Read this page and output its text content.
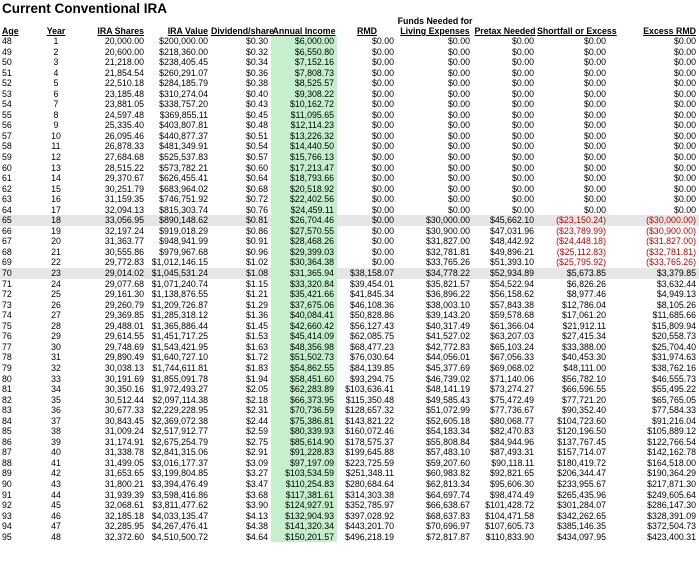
Current Conventional IRA
Age	Year	IRA Shares	IRA Value	Dividend/share	Annual Income	RMD	Funds Needed for
Living Expenses	Pretax Needed	Shortfall or Excess	Excess RMD
48	1	20,000.00	$200,000.00	$0.30	$6,000.00	$0.00	$0.00	$0.00	$0.00	$0.00
49	2	20,600.00	$218,360.00	$0.32	$6,550.80	$0.00	$0.00	$0.00	$0.00	$0.00
50	3	21,218.00	$238,405.45	$0.34	$7,152.16	$0.00	$0.00	$0.00	$0.00	$0.00
51	4	21,854.54	$260,291.07	$0.36	$7,808.73	$0.00	$0.00	$0.00	$0.00	$0.00
52	5	22,510.18	$284,185.79	$0.38	$8,525.57	$0.00	$0.00	$0.00	$0.00	$0.00
53	6	23,185.48	$310,274.04	$0.40	$9,308.22	$0.00	$0.00	$0.00	$0.00	$0.00
54	7	23,881.05	$338,757.20	$0.43	$10,162.72	$0.00	$0.00	$0.00	$0.00	$0.00
55	8	24,597.48	$369,855.11	$0.45	$11,095.65	$0.00	$0.00	$0.00	$0.00	$0.00
56	9	25,335.40	$403,807.81	$0.48	$12,114.23	$0.00	$0.00	$0.00	$0.00	$0.00
57	10	26,095.46	$440,877.37	$0.51	$13,226.32	$0.00	$0.00	$0.00	$0.00	$0.00
58	11	26,878.33	$481,349.91	$0.54	$14,440.50	$0.00	$0.00	$0.00	$0.00	$0.00
59	12	27,684.68	$525,537.83	$0.57	$15,766.13	$0.00	$0.00	$0.00	$0.00	$0.00
60	13	28,515.22	$573,782.21	$0.60	$17,213.47	$0.00	$0.00	$0.00	$0.00	$0.00
61	14	29,370.67	$626,455.41	$0.64	$18,793.66	$0.00	$0.00	$0.00	$0.00	$0.00
62	15	30,251.79	$683,964.02	$0.68	$20,518.92	$0.00	$0.00	$0.00	$0.00	$0.00
63	16	31,159.35	$746,751.92	$0.72	$22,402.56	$0.00	$0.00	$0.00	$0.00	$0.00
64	17	32,094.13	$815,303.74	$0.76	$24,459.11	$0.00	$0.00	$0.00	$0.00	$0.00
65	18	33,056.95	$890,148.62	$0.81	$26,704.46	$0.00	$30,000.00	$45,662.10	($23,150.24)	($30,000.00)
66	19	32,197.24	$919,018.29	$0.86	$27,570.55	$0.00	$30,900.00	$47,031.96	($23,789.99)	($30,900.00)
67	20	31,363.77	$948,941.99	$0.91	$28,468.26	$0.00	$31,827.00	$48,442.92	($24,448.18)	($31,827.00)
68	21	30,555.86	$979,967.68	$0.96	$29,399.03	$0.00	$32,781.81	$49,896.21	($25,112.83)	($32,781.81)
69	22	29,772.83	$1,012,146.15	$1.02	$30,364.38	$0.00	$33,765.26	$51,393.10	($25,795.92)	($33,765.26)
70	23	29,014.02	$1,045,531.24	$1.08	$31,365.94	$38,158.07	$34,778.22	$52,934.89	$5,673.85	$3,379.85
71	24	29,077.68	$1,071,240.74	$1.15	$33,320.84	$39,454.01	$35,821.57	$54,522.94	$6,826.26	$3,632.44
72	25	29,161.30	$1,138,876.55	$1.21	$35,421.66	$41,845.34	$36,896.22	$56,158.62	$8,977.46	$4,949.13
73	26	29,260.79	$1,209,726.87	$1.29	$37,675.06	$46,108.36	$38,003.10	$57,843.38	$12,786.04	$8,105.26
74	27	29,369.85	$1,285,318.12	$1.36	$40,084.41	$50,828.86	$39,143.20	$59,578.68	$17,061.20	$11,685.66
75	28	29,488.01	$1,365,886.44	$1.45	$42,660.42	$56,127.43	$40,317.49	$61,366.04	$21,912.11	$15,809.94
76	29	29,614.55	$1,451,717.25	$1.53	$45,414.09	$62,085.75	$41,527.02	$63,207.03	$27,415.34	$20,558.73
77	30	29,748.69	$1,543,421.95	$1.63	$48,356.98	$68,477.23	$42,772.83	$65,103.24	$33,388.00	$25,704.40
78	31	29,890.49	$1,640,727.10	$1.72	$51,502.73	$76,030.64	$44,056.01	$67,056.33	$40,453.30	$31,974.63
79	32	30,038.13	$1,744,611.81	$1.83	$54,862.55	$84,139.85	$45,377.69	$69,068.02	$48,111.00	$38,762.16
80	33	30,191.69	$1,855,091.78	$1.94	$58,451.60	$93,294.75	$46,739.02	$71,140.06	$56,782.10	$46,555.73
81	34	30,350.16	$1,972,493.27	$2.05	$62,283.89	$103,636.41	$48,141.19	$73,274.27	$66,596.55	$55,495.22
82	35	30,512.44	$2,097,114.38	$2.18	$66,373.95	$115,350.48	$49,585.43	$75,472.49	$77,721.20	$65,765.05
83	36	30,677.33	$2,229,228.95	$2.31	$70,736.59	$128,657.32	$51,072.99	$77,736.67	$90,352.40	$77,584.33
84	37	30,843.45	$2,369,072.38	$2.44	$75,386.81	$143,821.22	$52,605.18	$80,068.77	$104,723.60	$91,216.04
85	38	31,009.24	$2,517,912.77	$2.59	$80,339.93	$160,072.46	$54,183.34	$82,470.83	$120,196.50	$105,889.12
86	39	31,174.91	$2,675,254.79	$2.75	$85,614.90	$178,575.37	$55,808.84	$84,944.96	$137,767.45	$122,766.54
87	40	31,338.78	$2,841,315.06	$2.91	$91,228.83	$199,645.88	$57,483.10	$87,493.31	$157,714.07	$142,162.78
88	41	31,499.05	$3,016,177.37	$3.09	$97,197.09	$223,725.59	$59,207.60	$90,118.11	$180,419.72	$164,518.00
89	42	31,653.65	$3,199,804.85	$3.27	$103,534.59	$251,348.11	$60,983.82	$92,821.65	$206,344.47	$190,364.29
90	43	31,800.21	$3,394,476.49	$3.47	$110,254.83	$280,684.64	$62,813.34	$95,606.30	$233,955.67	$217,871.30
91	44	31,939.39	$3,598,416.86	$3.68	$117,381.61	$314,303.38	$64,697.74	$98,474.49	$265,435.96	$249,605.64
92	45	32,068.61	$3,811,477.62	$3.90	$124,927.91	$352,785.97	$66,638.67	$101,428.72	$301,284.07	$286,147.30
93	46	32,185.18	$4,033,135.47	$4.13	$132,904.93	$397,028.92	$68,637.83	$104,471.58	$342,262.65	$328,391.09
94	47	32,285.95	$4,267,476.41	$4.38	$141,320.34	$443,201.70	$70,696.97	$107,605.73	$385,146.35	$372,504.73
95	48	32,372.60	$4,510,500.72	$4.64	$150,201.57	$496,218.19	$72,817.87	$110,833.90	$434,097.95	$423,400.31
